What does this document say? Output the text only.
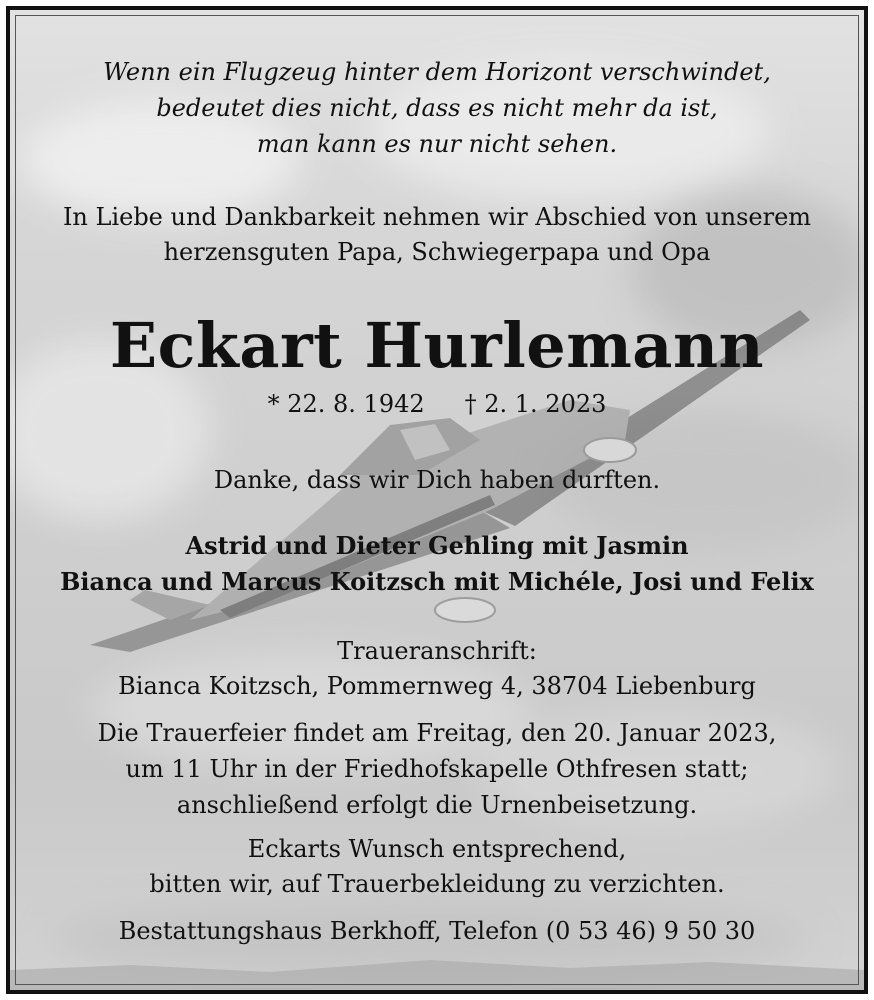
Wenn ein Flugzeug hinter dem Horizont verschwindet,
bedeutet dies nicht, dass es nicht mehr da ist,
man kann es nur nicht sehen.
In Liebe und Dankbarkeit nehmen wir Abschied von unserem
herzensguten Papa, Schwiegerpapa und Opa
Eckart Hurlemann
* 22. 8. 1942 † 2. 1. 2023
Danke, dass wir Dich haben durften.
Astrid und Dieter Gehling mit Jasmin
Bianca und Marcus Koitzsch mit Michéle, Josi und Felix
Traueranschrift:
Bianca Koitzsch, Pommernweg 4, 38704 Liebenburg
Die Trauerfeier findet am Freitag, den 20. Januar 2023,
um 11 Uhr in der Friedhofskapelle Othfresen statt;
anschließend erfolgt die Urnenbeisetzung.
Eckarts Wunsch entsprechend,
bitten wir, auf Trauerbekleidung zu verzichten.
Bestattungshaus Berkhoff, Telefon (0 53 46) 9 50 30
